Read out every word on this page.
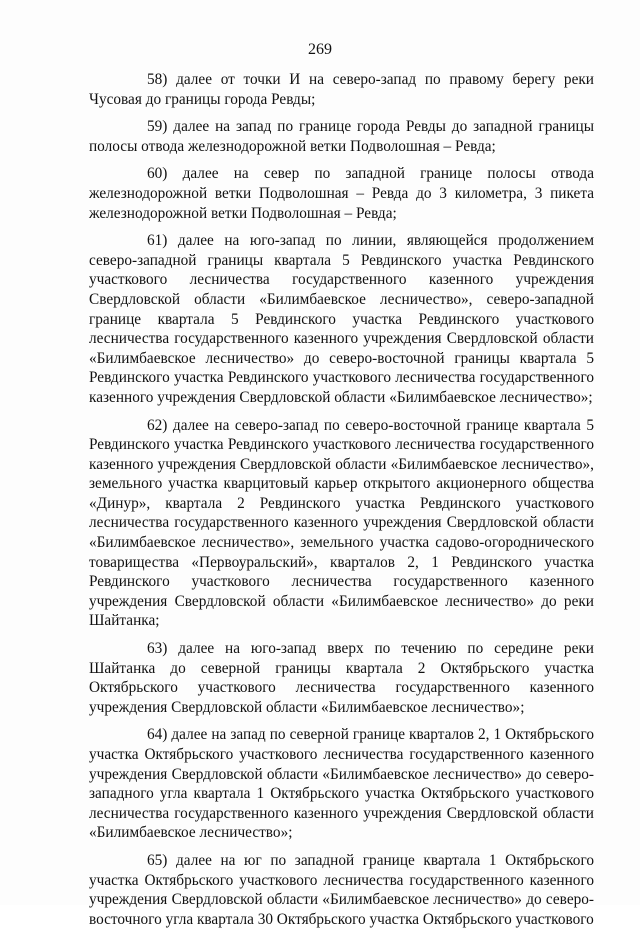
269

58) далее от точки И на северо-запад по правому берегу реки Чусовая до границы города Ревды;

59) далее на запад по границе города Ревды до западной границы полосы отвода железнодорожной ветки Подволошная – Ревда;

60) далее на север по западной границе полосы отвода железнодорожной ветки Подволошная – Ревда до 3 километра, 3 пикета железнодорожной ветки Подволошная – Ревда;

61) далее на юго-запад по линии, являющейся продолжением северо-западной границы квартала 5 Ревдинского участка Ревдинского участкового лесничества государственного казенного учреждения Свердловской области «Билимбаевское лесничество», северо-западной границе квартала 5 Ревдинского участка Ревдинского участкового лесничества государственного казенного учреждения Свердловской области «Билимбаевское лесничество» до северо-восточной границы квартала 5 Ревдинского участка Ревдинского участкового лесничества государственного казенного учреждения Свердловской области «Билимбаевское лесничество»;

62) далее на северо-запад по северо-восточной границе квартала 5 Ревдинского участка Ревдинского участкового лесничества государственного казенного учреждения Свердловской области «Билимбаевское лесничество», земельного участка кварцитовый карьер открытого акционерного общества «Динур», квартала 2 Ревдинского участка Ревдинского участкового лесничества государственного казенного учреждения Свердловской области «Билимбаевское лесничество», земельного участка садово-огороднического товарищества «Первоуральский», кварталов 2, 1 Ревдинского участка Ревдинского участкового лесничества государственного казенного учреждения Свердловской области «Билимбаевское лесничество» до реки Шайтанка;

63) далее на юго-запад вверх по течению по середине реки Шайтанка до северной границы квартала 2 Октябрьского участка Октябрьского участкового лесничества государственного казенного учреждения Свердловской области «Билимбаевское лесничество»;

64) далее на запад по северной границе кварталов 2, 1 Октябрьского участка Октябрьского участкового лесничества государственного казенного учреждения Свердловской области «Билимбаевское лесничество» до северо-западного угла квартала 1 Октябрьского участка Октябрьского участкового лесничества государственного казенного учреждения Свердловской области «Билимбаевское лесничество»;

65) далее на юг по западной границе квартала 1 Октябрьского участка Октябрьского участкового лесничества государственного казенного учреждения Свердловской области «Билимбаевское лесничество» до северо-восточного угла квартала 30 Октябрьского участка Октябрьского участкового
